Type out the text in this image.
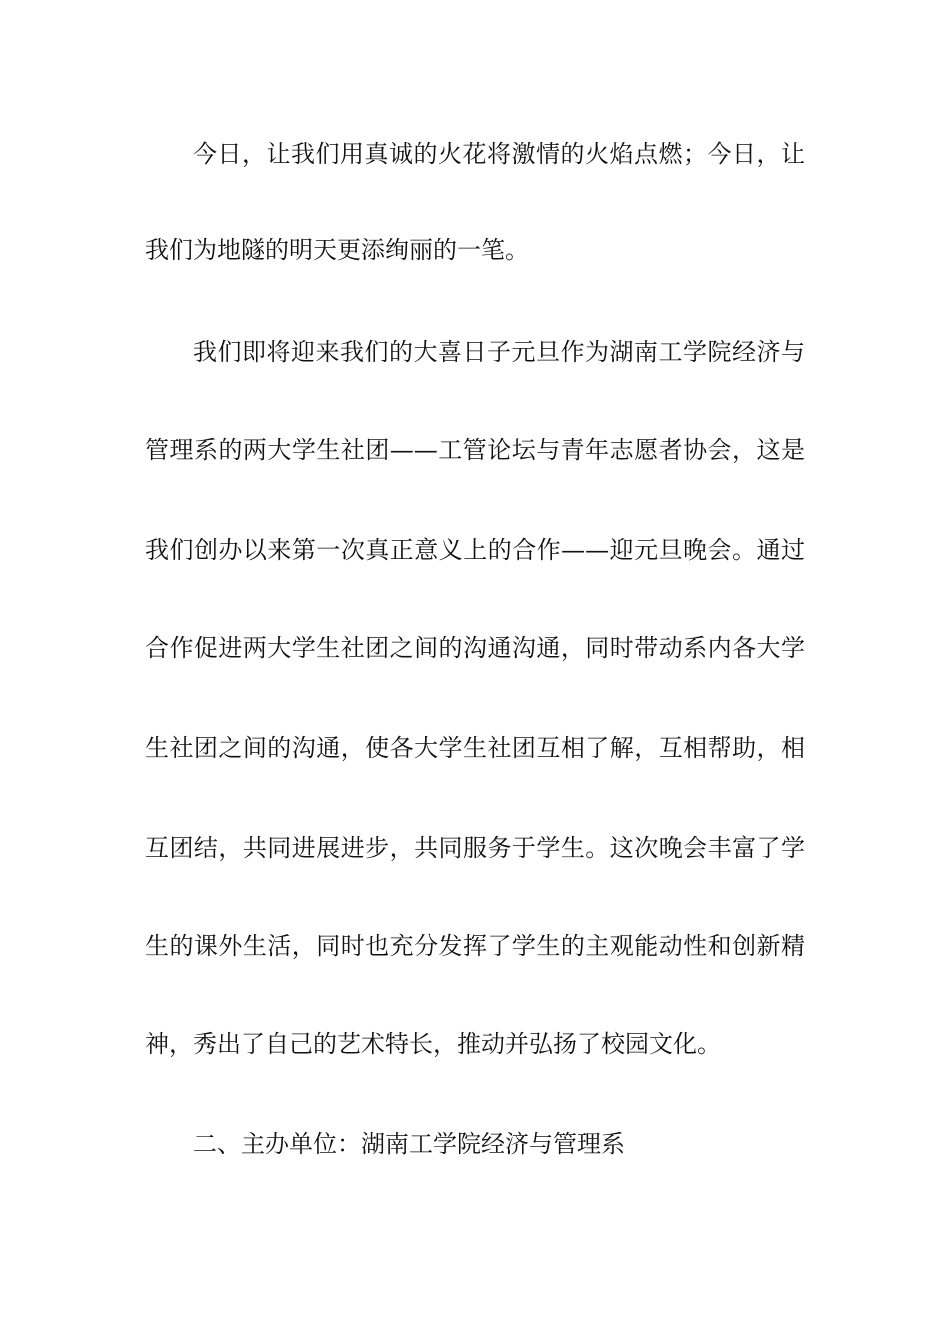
今日，让我们用真诚的火花将激情的火焰点燃；今日，让

我们为地隧的明天更添绚丽的一笔。

我们即将迎来我们的大喜日子元旦作为湖南工学院经济与

管理系的两大学生社团——工管论坛与青年志愿者协会，这是

我们创办以来第一次真正意义上的合作——迎元旦晚会。通过

合作促进两大学生社团之间的沟通沟通，同时带动系内各大学

生社团之间的沟通，使各大学生社团互相了解，互相帮助，相

互团结，共同进展进步，共同服务于学生。这次晚会丰富了学

生的课外生活，同时也充分发挥了学生的主观能动性和创新精

神，秀出了自己的艺术特长，推动并弘扬了校园文化。

二、主办单位：湖南工学院经济与管理系
